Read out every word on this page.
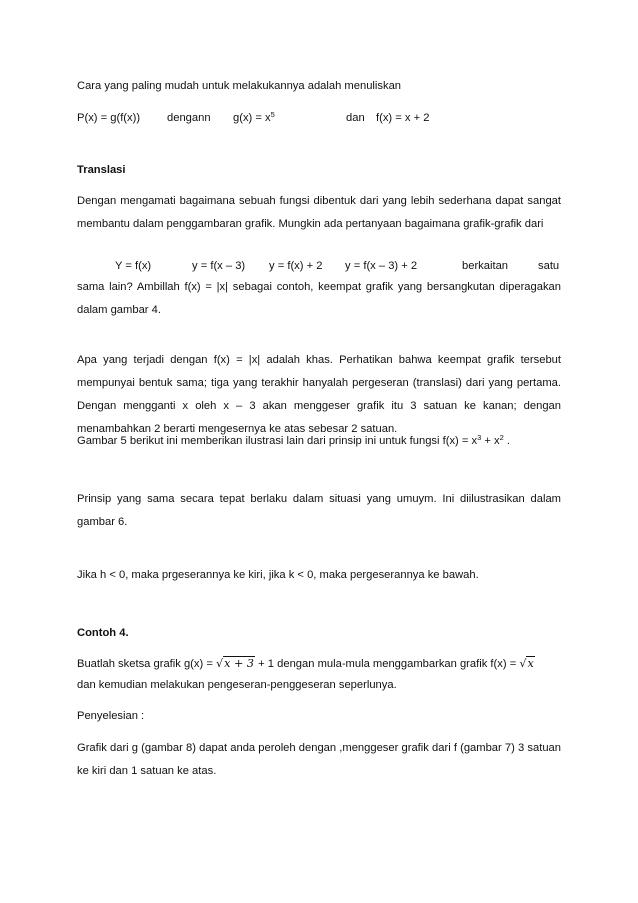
Cara yang paling mudah untuk melakukannya adalah menuliskan
P(x) = g(f(x)) dengann $g(x) = x^5$	dan f(x) = x + 2
Translasi
Dengan mengamati bagaimana sebuah fungsi dibentuk dari yang lebih sederhana dapat sangat membantu dalam penggambaran grafik. Mungkin ada pertanyaan bagaimana grafik-grafik dari
Y = f(x)	y = f(x – 3) y = f(x) + 2 y = f(x – 3) + 2	berkaitan	satu
sama lain? Ambillah f(x) = |x| sebagai contoh, keempat grafik yang bersangkutan diperagakan dalam gambar 4.
Apa yang terjadi dengan f(x) = |x| adalah khas. Perhatikan bahwa keempat grafik tersebut mempunyai bentuk sama; tiga yang terakhir hanyalah pergeseran (translasi) dari yang pertama. Dengan mengganti x oleh x – 3 akan menggeser grafik itu 3 satuan ke kanan; dengan menambahkan 2 berarti mengesernya ke atas sebesar 2 satuan.
Gambar 5 berikut ini memberikan ilustrasi lain dari prinsip ini untuk fungsi $f(x) = x^3 + x^2$ .
Prinsip yang sama secara tepat berlaku dalam situasi yang umuym. Ini diilustrasikan dalam gambar 6.
Jika h < 0, maka prgeserannya ke kiri, jika k < 0, maka pergeserannya ke bawah.
Contoh 4.
Buatlah sketsa grafik g(x) = √x + 3 + 1 dengan mula-mula menggambarkan grafik f(x) = √x
dan kemudian melakukan pengeseran-penggeseran seperlunya.
Penyelesian :
Grafik dari g (gambar 8) dapat anda peroleh dengan ,menggeser grafik dari f (gambar 7) 3 satuan ke kiri dan 1 satuan ke atas.
